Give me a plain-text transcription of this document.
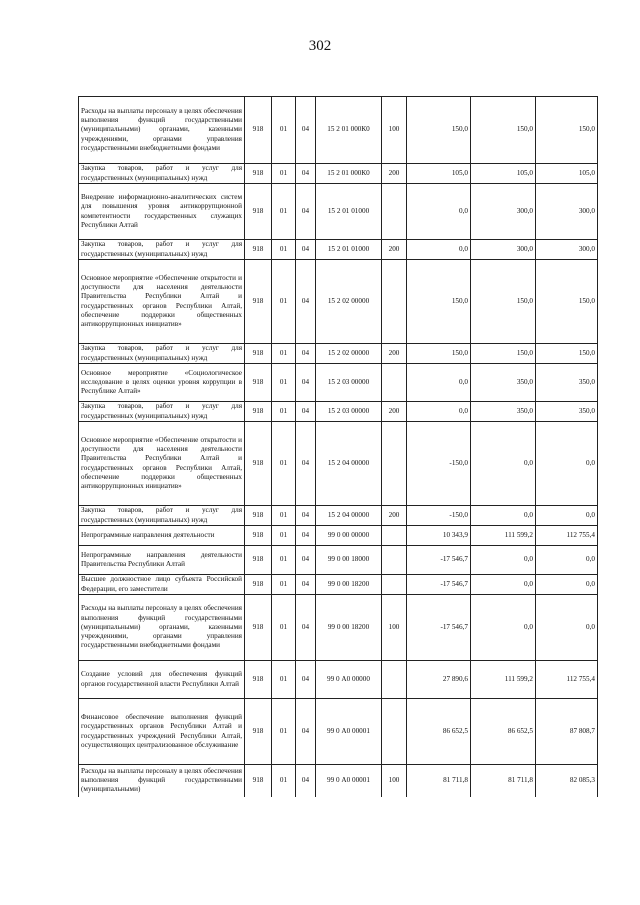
302
Расходы на выплаты персоналу в целях обеспечения выполнения функций государственными (муниципальными) органами, казенными учреждениями, органами управления государственными внебюджетными фондами	918	01	04	15 2 01 000К0	100	150,0	150,0	150,0
Закупка товаров, работ и услуг для государственных (муниципальных) нужд	918	01	04	15 2 01 000К0	200	105,0	105,0	105,0
Внедрение информационно-аналитических систем для повышения уровня антикоррупционной компетентности государственных служащих Республики Алтай	918	01	04	15 2 01 01000		0,0	300,0	300,0
Закупка товаров, работ и услуг для государственных (муниципальных) нужд	918	01	04	15 2 01 01000	200	0,0	300,0	300,0
Основное мероприятие «Обеспечение открытости и доступности для населения деятельности Правительства Республики Алтай и государственных органов Республики Алтай, обеспечение поддержки общественных антикоррупционных инициатив»	918	01	04	15 2 02 00000		150,0	150,0	150,0
Закупка товаров, работ и услуг для государственных (муниципальных) нужд	918	01	04	15 2 02 00000	200	150,0	150,0	150,0
Основное мероприятие «Социологическое исследование в целях оценки уровня коррупции в Республике Алтай»	918	01	04	15 2 03 00000		0,0	350,0	350,0
Закупка товаров, работ и услуг для государственных (муниципальных) нужд	918	01	04	15 2 03 00000	200	0,0	350,0	350,0
Основное мероприятие «Обеспечение открытости и доступности для населения деятельности Правительства Республики Алтай и государственных органов Республики Алтай, обеспечение поддержки общественных антикоррупционных инициатив»	918	01	04	15 2 04 00000		-150,0	0,0	0,0
Закупка товаров, работ и услуг для государственных (муниципальных) нужд	918	01	04	15 2 04 00000	200	-150,0	0,0	0,0
Непрограммные направления деятельности	918	01	04	99 0 00 00000		10 343,9	111 599,2	112 755,4
Непрограммные направления деятельности Правительства Республики Алтай	918	01	04	99 0 00 18000		-17 546,7	0,0	0,0
Высшее должностное лицо субъекта Российской Федерации, его заместители	918	01	04	99 0 00 18200		-17 546,7	0,0	0,0
Расходы на выплаты персоналу в целях обеспечения выполнения функций государственными (муниципальными) органами, казенными учреждениями, органами управления государственными внебюджетными фондами	918	01	04	99 0 00 18200	100	-17 546,7	0,0	0,0
Создание условий для обеспечения функций органов государственной власти Республики Алтай	918	01	04	99 0 А0 00000		27 890,6	111 599,2	112 755,4
Финансовое обеспечение выполнения функций государственных органов Республики Алтай и государственных учреждений Республики Алтай, осуществляющих централизованное обслуживание	918	01	04	99 0 А0 00001		86 652,5	86 652,5	87 808,7
Расходы на выплаты персоналу в целях обеспечения выполнения функций государственными (муниципальными)	918	01	04	99 0 А0 00001	100	81 711,8	81 711,8	82 085,3
